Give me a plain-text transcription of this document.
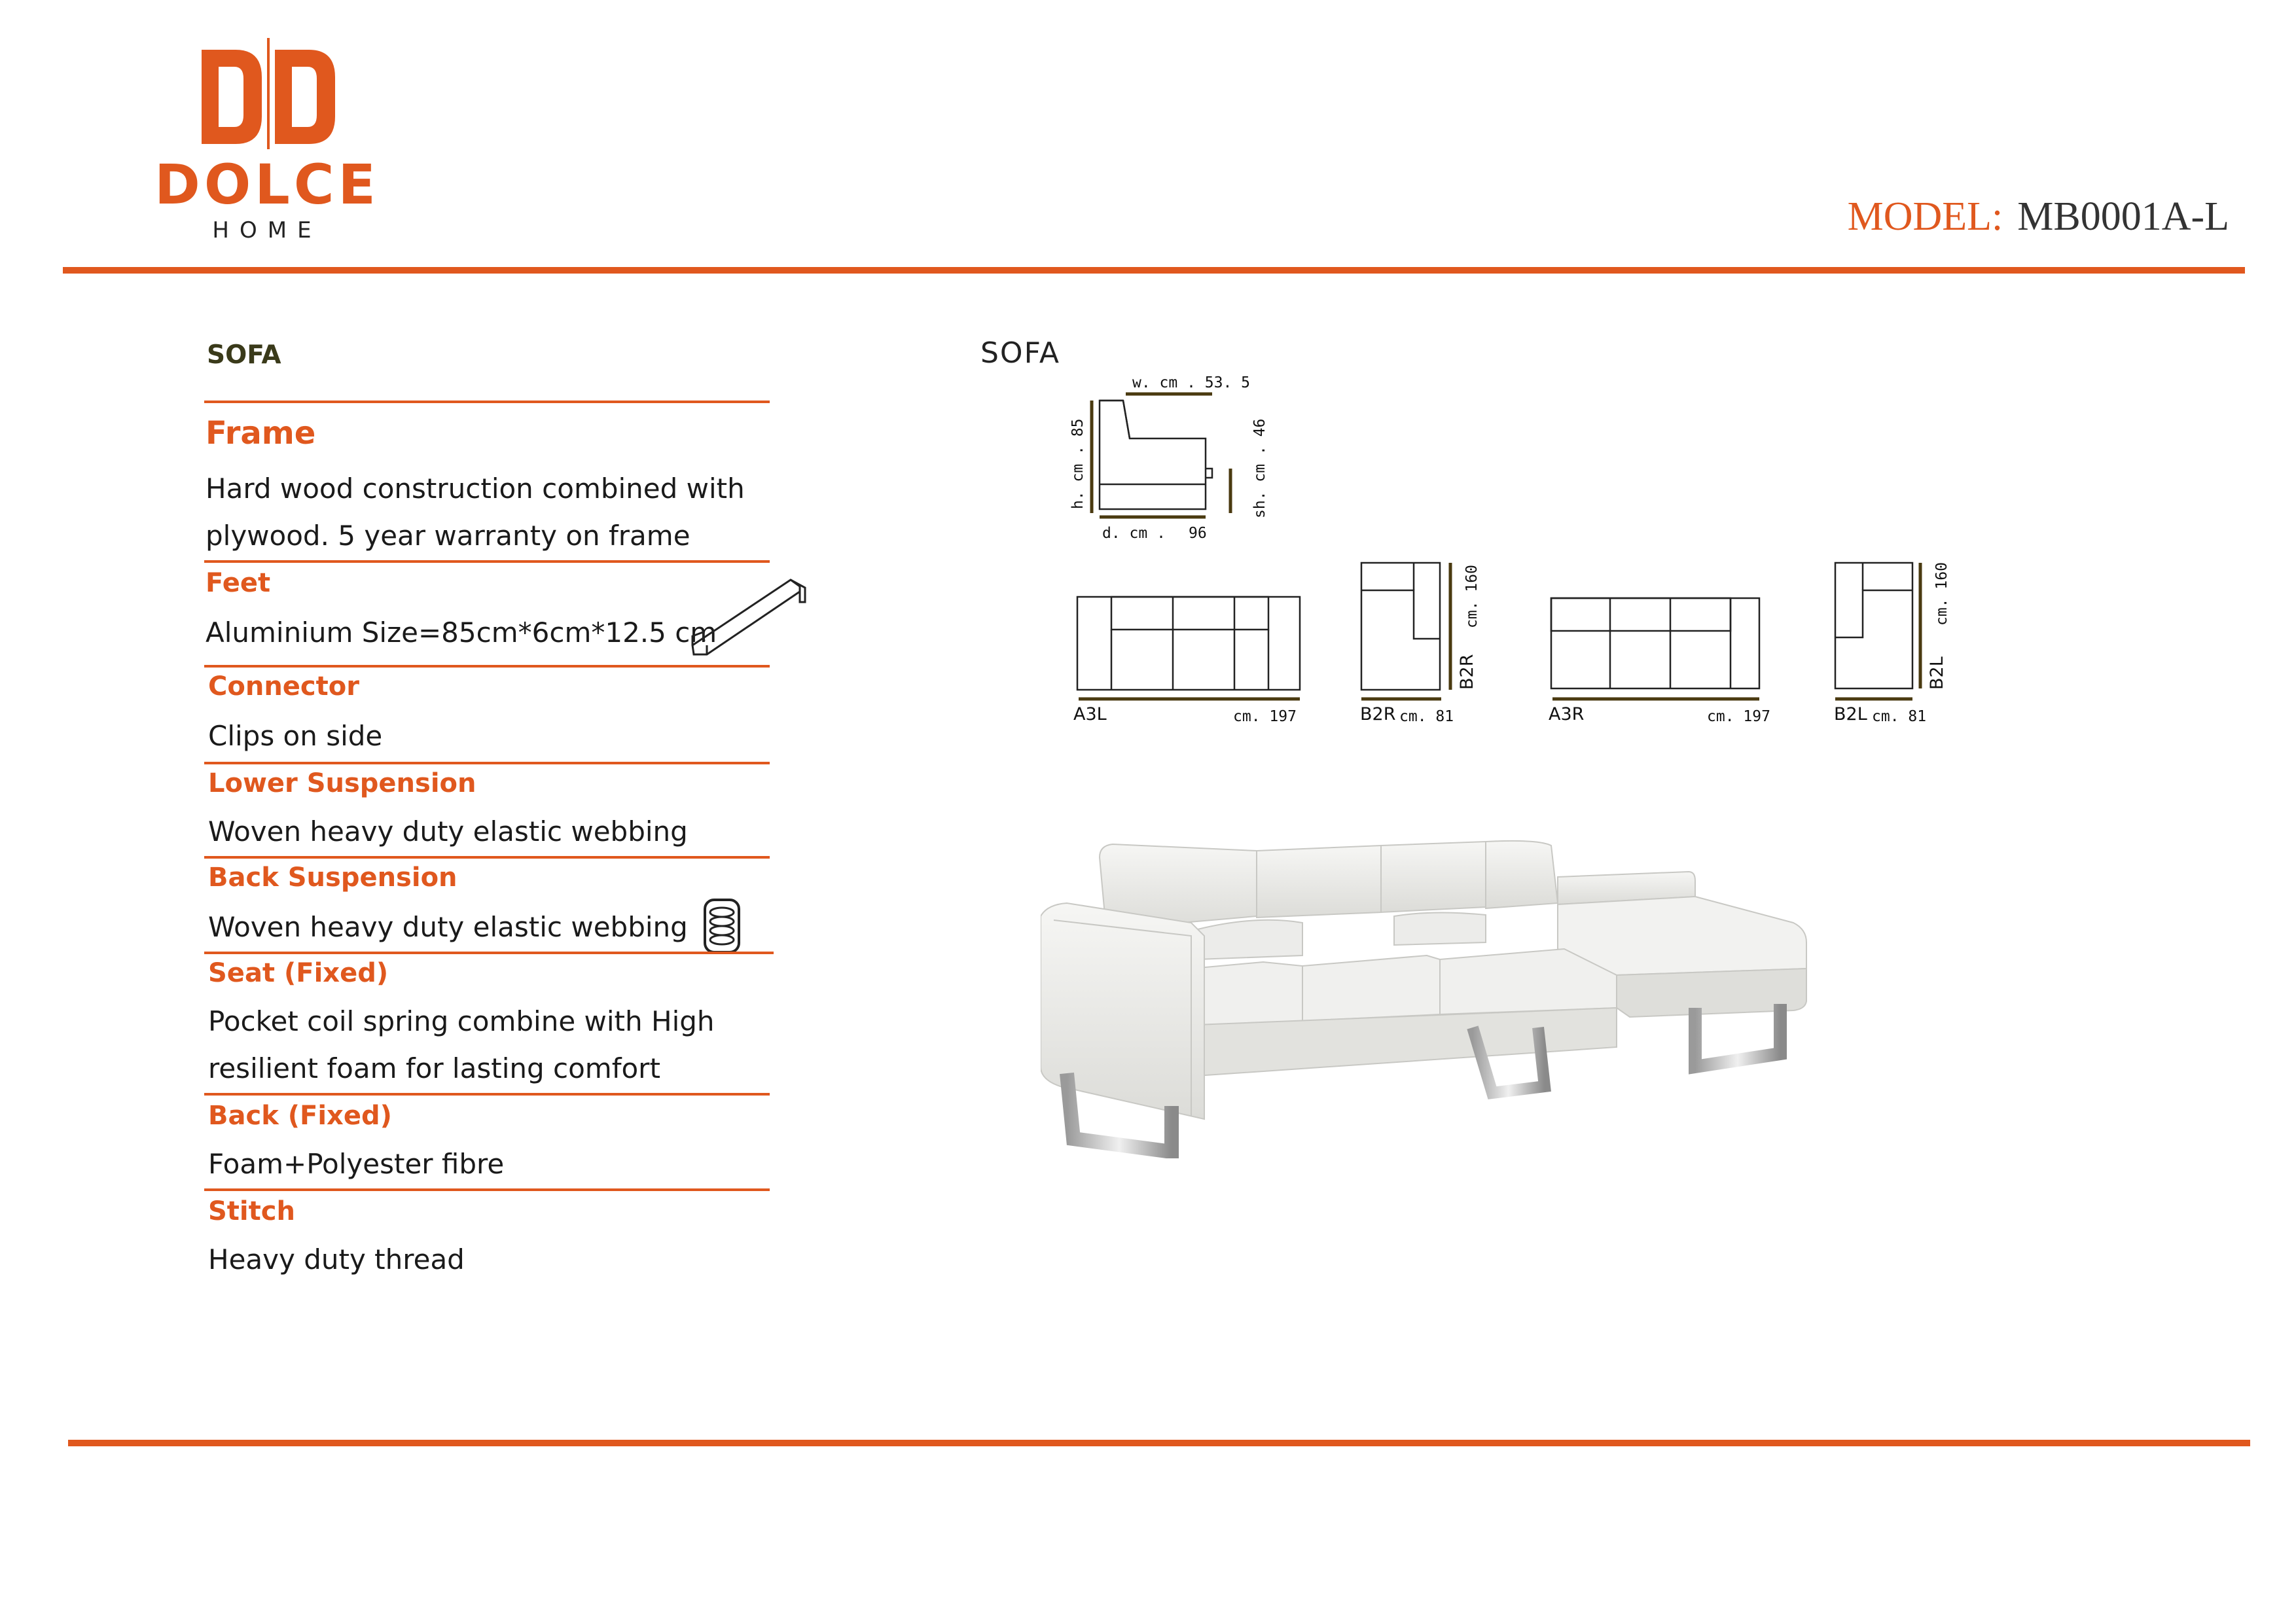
DOLCE
HOME	MODEL: MB0001A-L
SOFA
Frame
Hard wood construction combined with
plywood. 5 year warranty on frame
Feet
Aluminium Size=85cm*6cm*12.5 cm
Connector
Clips on side
Lower Suspension
Woven heavy duty elastic webbing
Back Suspension
Woven heavy duty elastic webbing
Seat (Fixed)
Pocket coil spring combine with High
resilient foam for lasting comfort
Back (Fixed)
Foam+Polyester fibre
Stitch
Heavy duty thread
SOFA
w. cm . 53. 5
h. cm . 85	sh. cm . 46
d. cm . 96
A3L	cm. 197	B2R cm. 81
cm. 160
B2R
A3R	cm. 197	B2L cm. 81
cm. 160
B2L
